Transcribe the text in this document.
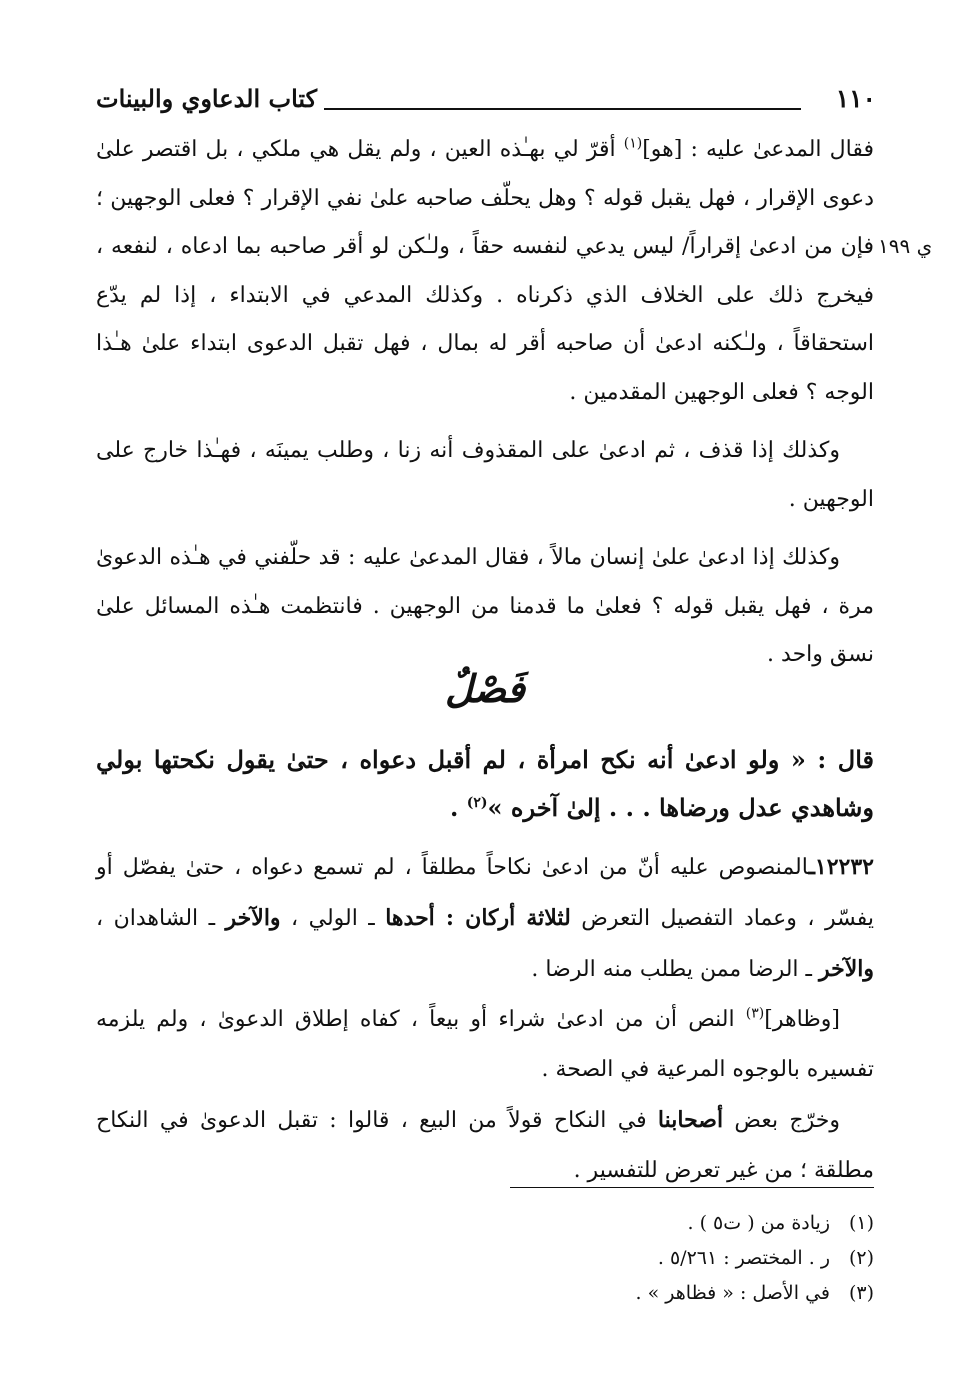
١١٠
كتاب الدعاوي والبينات
ي ١٩٩

فقال المدعىٰ عليه : [هو]$^{(١)}$ أقرّ لي بهـٰذه العين ، ولم يقل هي ملكي ، بل اقتصر علىٰ دعوى الإقرار ، فهل يقبل قوله ؟ وهل يحلّف صاحبه علىٰ نفي الإقرار ؟ فعلى الوجهين ؛ فإن من ادعىٰ إقراراً/ ليس يدعي لنفسه حقاً ، ولـٰكن لو أقر صاحبه بما ادعاه ، لنفعه ، فيخرج ذلك على الخلاف الذي ذكرناه . وكذلك المدعي في الابتداء ، إذا لم يدّع استحقاقاً ، ولـٰكنه ادعىٰ أن صاحبه أقر له بمال ، فهل تقبل الدعوى ابتداء علىٰ هـٰذا الوجه ؟ فعلى الوجهين المقدمين .

وكذلك إذا قذف ، ثم ادعىٰ على المقذوف أنه زنا ، وطلب يمينَه ، فهـٰذا خارج على الوجهين .

وكذلك إذا ادعىٰ علىٰ إنسان مالاً ، فقال المدعىٰ عليه : قد حلّفني في هـٰذه الدعوىٰ مرة ، فهل يقبل قوله ؟ فعلىٰ ما قدمنا من الوجهين . فانتظمت هـٰذه المسائل علىٰ نسق واحد .

فَصْلٌ

قال : « ولو ادعىٰ أنه نكح امرأة ، لم أقبل دعواه ، حتىٰ يقول نكحتها بولي وشاهدي عدل ورضاها . . . إلىٰ آخره »$^{(٢)}$ .

١٢٢٣٢ـالمنصوص عليه أنّ من ادعىٰ نكاحاً مطلقاً ، لم تسمع دعواه ، حتىٰ يفصّل أو يفسّر ، وعماد التفصيل التعرض لثلاثة أركان : أحدها ـ الولي ، والآخر ـ الشاهدان ، والآخر ـ الرضا ممن يطلب منه الرضا .

[وظاهر]$^{(٣)}$ النص أن من ادعىٰ شراء أو بيعاً ، كفاه إطلاق الدعوىٰ ، ولم يلزمه تفسيره بالوجوه المرعية في الصحة .

وخرّج بعض أصحابنا في النكاح قولاً من البيع ، قالوا : تقبل الدعوىٰ في النكاح مطلقة ؛ من غير تعرض للتفسير .

(١)زيادة من ( ت٥ ) .
(٢)ر . المختصر : ٥/٢٦١ .
(٣)في الأصل : « فظاهر » .
